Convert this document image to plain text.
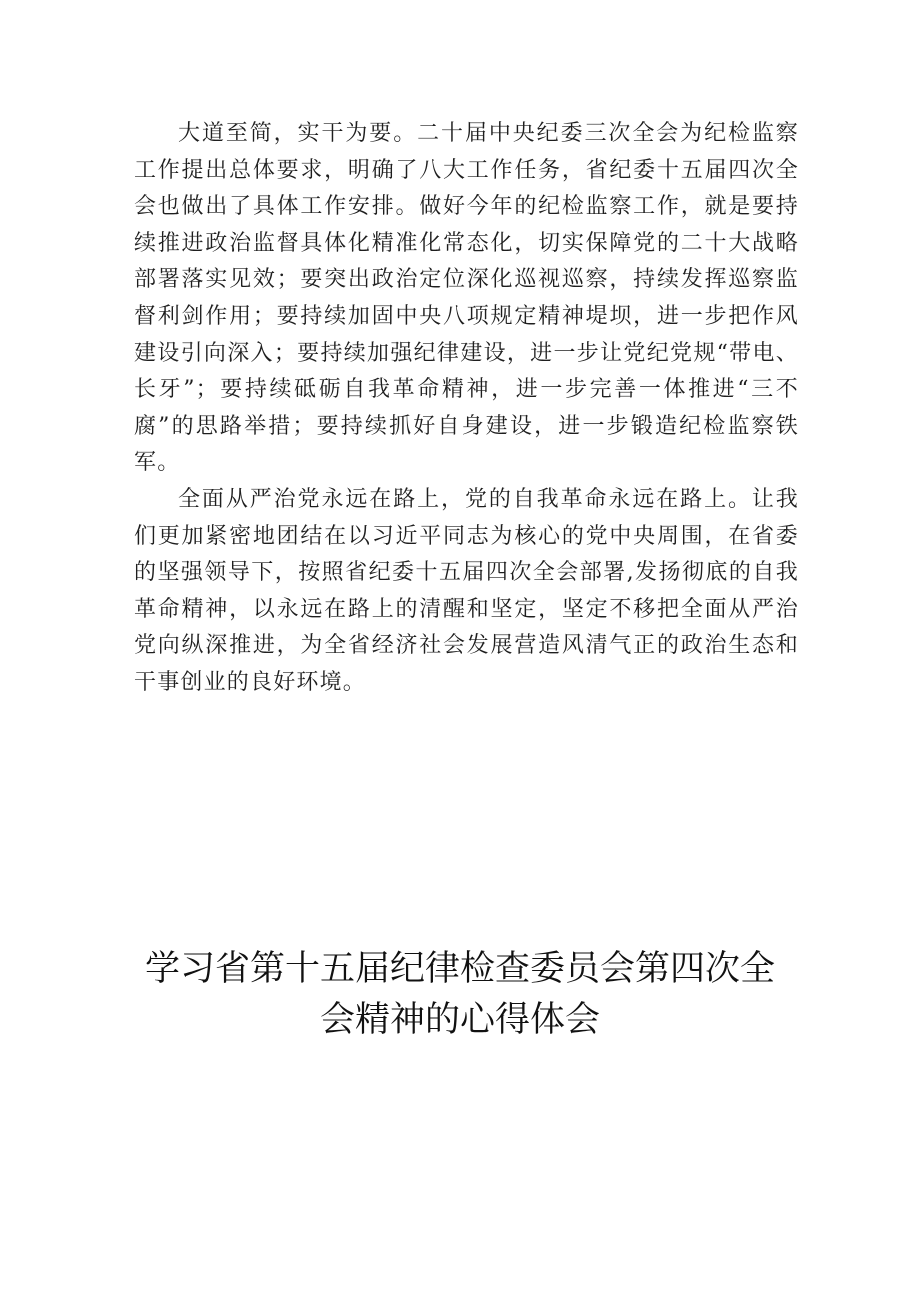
大道至简，实干为要。二十届中央纪委三次全会为纪检监察工作提出总体要求，明确了八大工作任务，省纪委十五届四次全会也做出了具体工作安排。做好今年的纪检监察工作，就是要持续推进政治监督具体化精准化常态化，切实保障党的二十大战略部署落实见效；要突出政治定位深化巡视巡察，持续发挥巡察监督利剑作用；要持续加固中央八项规定精神堤坝，进一步把作风建设引向深入；要持续加强纪律建设，进一步让党纪党规“带电、长牙”；要持续砥砺自我革命精神，进一步完善一体推进“三不腐”的思路举措；要持续抓好自身建设，进一步锻造纪检监察铁军。

全面从严治党永远在路上，党的自我革命永远在路上。让我们更加紧密地团结在以习近平同志为核心的党中央周围，在省委的坚强领导下，按照省纪委十五届四次全会部署,发扬彻底的自我革命精神，以永远在路上的清醒和坚定，坚定不移把全面从严治党向纵深推进，为全省经济社会发展营造风清气正的政治生态和干事创业的良好环境。

学习省第十五届纪律检查委员会第四次全
会精神的心得体会
